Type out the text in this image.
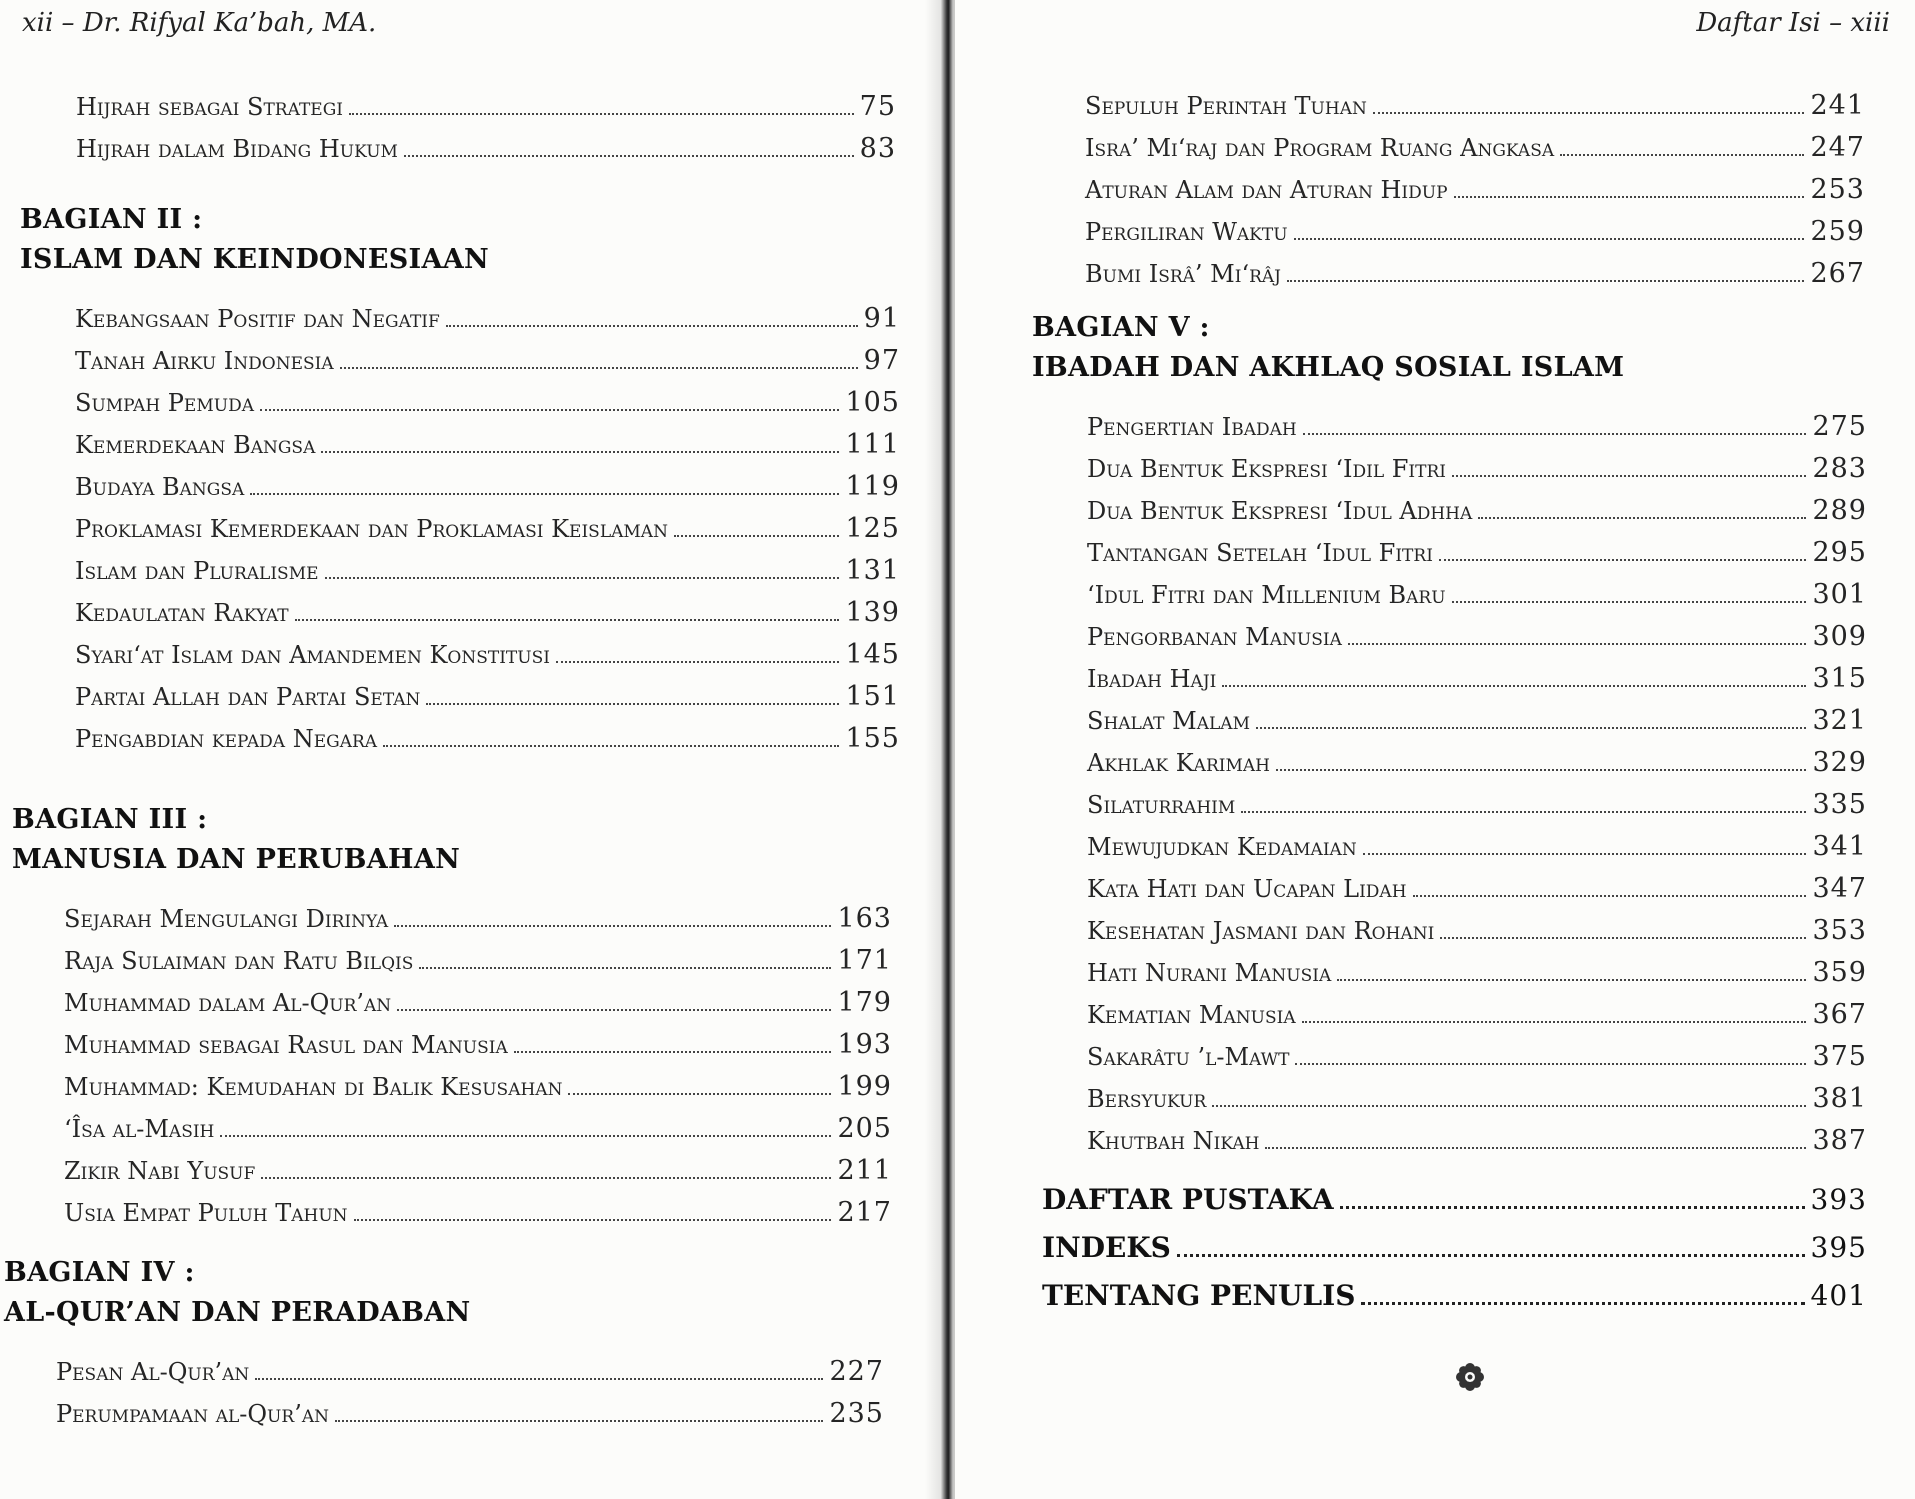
xii – Dr. Rifyal Ka’bah, MA.

Hijrah sebagai Strategi	75
Hijrah dalam Bidang Hukum	83
BAGIAN II :
ISLAM DAN KEINDONESIAAN
Kebangsaan Positif dan Negatif	91
Tanah Airku Indonesia	97
Sumpah Pemuda	105
Kemerdekaan Bangsa	111
Budaya Bangsa	119
Proklamasi Kemerdekaan dan Proklamasi Keislaman	125
Islam dan Pluralisme	131
Kedaulatan Rakyat	139
Syari‘at Islam dan Amandemen Konstitusi	145
Partai Allah dan Partai Setan	151
Pengabdian kepada Negara	155
BAGIAN III :
MANUSIA DAN PERUBAHAN
Sejarah Mengulangi Dirinya	163
Raja Sulaiman dan Ratu Bilqis	171
Muhammad dalam Al-Qur’an	179
Muhammad sebagai Rasul dan Manusia	193
Muhammad: Kemudahan di Balik Kesusahan	199
‘Îsa al-Masih	205
Zikir Nabi Yusuf	211
Usia Empat Puluh Tahun	217
BAGIAN IV :
AL-QUR’AN DAN PERADABAN
Pesan Al-Qur’an	227
Perumpamaan al-Qur’an	235

Daftar Isi – xiii

Sepuluh Perintah Tuhan	241
Isra’ Mi‘raj dan Program Ruang Angkasa	247
Aturan Alam dan Aturan Hidup	253
Pergiliran Waktu	259
Bumi Isrâ’ Mi‘râj	267
BAGIAN V :
IBADAH DAN AKHLAQ SOSIAL ISLAM
Pengertian Ibadah	275
Dua Bentuk Ekspresi ‘Idil Fitri	283
Dua Bentuk Ekspresi ‘Idul Adhha	289
Tantangan Setelah ‘Idul Fitri	295
‘Idul Fitri dan Millenium Baru	301
Pengorbanan Manusia	309
Ibadah Haji	315
Shalat Malam	321
Akhlak Karimah	329
Silaturrahim	335
Mewujudkan Kedamaian	341
Kata Hati dan Ucapan Lidah	347
Kesehatan Jasmani dan Rohani	353
Hati Nurani Manusia	359
Kematian Manusia	367
Sakarâtu ’l-Mawt	375
Bersyukur	381
Khutbah Nikah	387
DAFTAR PUSTAKA	393
INDEKS	395
TENTANG PENULIS	401
